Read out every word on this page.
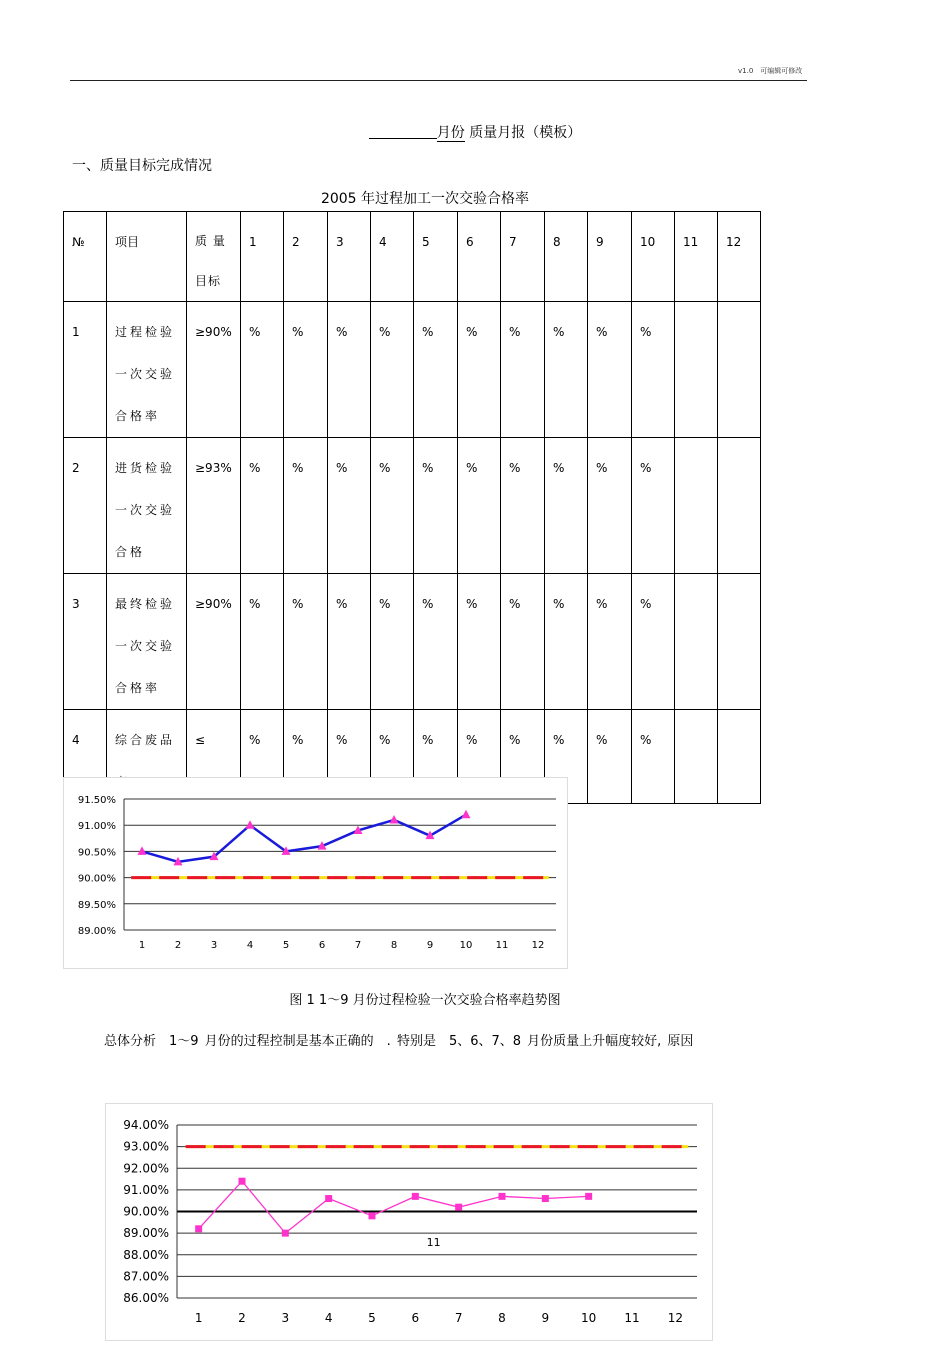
v1.0　可编辑可修改
月份 质量月报（模板）
一、质量目标完成情况
2005 年过程加工一次交验合格率
№	项目	质 量 目标	1	2	3	4	5	6	7	8	9	10	11	12
1	过程检验一次交验合格率	≥90%	%	%	%	%	%	%	%	%	%	%		
2	进货检验一次交验合格	≥93%	%	%	%	%	%	%	%	%	%	%		
3	最终检验一次交验合格率	≥90%	%	%	%	%	%	%	%	%	%	%		
4	综合废品	≤	%	%	%	%	%	%	%	%	%	%		
89.00%
89.50%
90.00%
90.50%
91.00%
91.50%
1	2	3	4	5	6	7	8	9	10 11 12
图 1 1～9 月份过程检验一次交验合格率趋势图
总体分析　1～9 月份的过程控制是基本正确的　. 特别是　5、6、7、8 月份质量上升幅度较好, 原因
86.00%
87.00%
88.00%
89.00%
90.00%
91.00%
92.00%
93.00%
94.00%
1	2	3	4	5	6	7	8	9	10 11 12
11
